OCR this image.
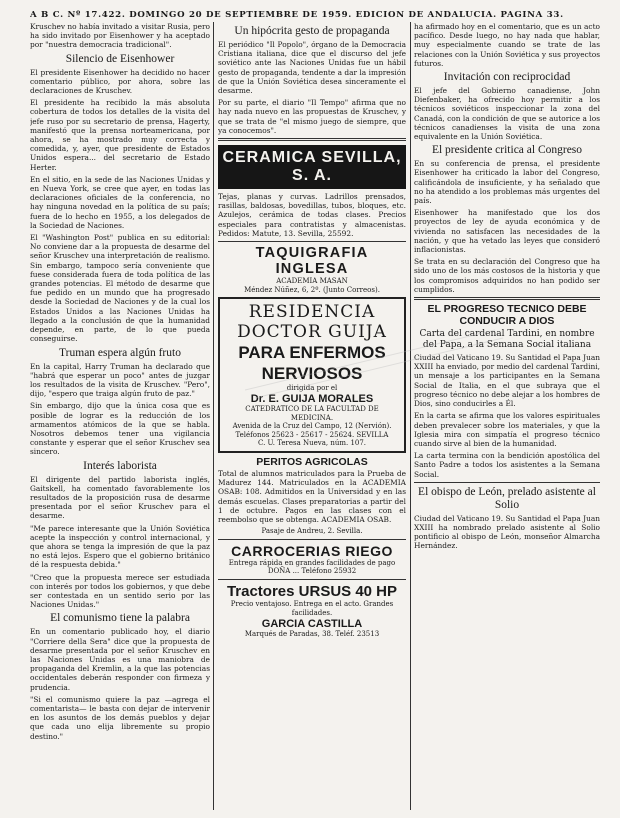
A B C. Nº 17.422. DOMINGO 20 DE SEPTIEMBRE DE 1959. EDICION DE ANDALUCIA. PAGINA 33.

Kruschev no había invitado a visitar Rusia, pero ha sido invitado por Eisenhower y ha aceptado por "nuestra democracia tradicional".

Silencio de Eisenhower

El presidente Eisenhower ha decidido no hacer comentario público, por ahora, sobre las declaraciones de Kruschev.

El presidente ha recibido la más absoluta cobertura de todos los detalles de la visita del jefe ruso por su secretario de prensa, Hagerty, manifestó que la prensa norteamericana, por ahora, se ha mostrado muy correcta y comedida, y, ayer, que presidente de Estados Unidos espera... del secretario de Estado Herter.

En el sitio, en la sede de las Naciones Unidas y en Nueva York, se cree que ayer, en todas las declaraciones oficiales de la conferencia, no hay ninguna novedad en la política de su país; fuera de lo hecho en 1955, a los delegados de la Sociedad de Naciones.

El "Washington Post" publica en su editorial: No conviene dar a la propuesta de desarme del señor Kruschev una interpretación de realismo. Sin embargo, tampoco sería conveniente que fuese considerada fuera de toda política de las grandes potencias. El método de desarme que fue pedido en un mundo que ha progresado desde la Sociedad de Naciones y de la cual los Estados Unidos a las Naciones Unidas ha llegado a la conclusión de que la humanidad depende, en parte, de lo que pueda conseguirse.

Truman espera algún fruto

En la capital, Harry Truman ha declarado que "habrá que esperar un poco" antes de juzgar los resultados de la visita de Kruschev. "Pero", dijo, "espero que traiga algún fruto de paz."

Sin embargo, dijo que la única cosa que es posible de lograr es la reducción de los armamentos atómicos de la que se habla. Nosotros debemos tener una vigilancia constante y esperar que el señor Kruschev sea sincero.

Interés laborista

El dirigente del partido laborista inglés, Gaitskell, ha comentado favorablemente los resultados de la proposición rusa de desarme presentada por el señor Kruschev para el desarme.

"Me parece interesante que la Unión Soviética acepte la inspección y control internacional, y que ahora se tenga la impresión de que la paz no está lejos. Espero que el gobierno británico dé la respuesta debida."

"Creo que la propuesta merece ser estudiada con interés por todos los gobiernos, y que debe ser contestada en un sentido serio por las Naciones Unidas."

El comunismo tiene la palabra

En un comentario publicado hoy, el diario "Corriere della Sera" dice que la propuesta de desarme presentada por el señor Kruschev en las Naciones Unidas es una maniobra de propaganda del Kremlin, a la que las potencias occidentales deberán responder con firmeza y prudencia.

"Si el comunismo quiere la paz —agrega el comentarista— le basta con dejar de intervenir en los asuntos de los demás pueblos y dejar que cada uno elija libremente su propio destino."

Un hipócrita gesto de propaganda

El periódico "Il Popolo", órgano de la Democracia Cristiana italiana, dice que el discurso del jefe soviético ante las Naciones Unidas fue un hábil gesto de propaganda, tendente a dar la impresión de que la Unión Soviética desea sinceramente el desarme.

Por su parte, el diario "Il Tempo" afirma que no hay nada nuevo en las propuestas de Kruschev, y que se trata de "el mismo juego de siempre, que ya conocemos".

CERAMICA SEVILLA, S. A.

Tejas, planas y curvas. Ladrillos prensados, rasillas, baldosas, bovedillas, tubos, bloques, etc. Azulejos, cerámica de todas clases. Precios especiales para contratistas y almacenistas. Pedidos: Matute, 13. Sevilla, 25592.

TAQUIGRAFIA INGLESA

ACADEMIA MASAN

Méndez Núñez, 6, 2º. (Junto Correos).

RESIDENCIA

DOCTOR GUIJA

PARA ENFERMOS

NERVIOSOS

dirigida por el

Dr. E. GUIJA MORALES

CATEDRATICO DE LA FACULTAD DE MEDICINA.

Avenida de la Cruz del Campo, 12 (Nervión).

Teléfonos 25623 - 25617 - 25624. SEVILLA

C. U. Teresa Nueva, núm. 107.

PERITOS AGRICOLAS

Total de alumnos matriculados para la Prueba de Madurez 144. Matriculados en la ACADEMIA OSAB: 108. Admitidos en la Universidad y en las demás escuelas. Clases preparatorias a partir del 1 de octubre. Pagos en las clases con el reembolso que se obtenga. ACADEMIA OSAB.

Pasaje de Andreu, 2. Sevilla.

CARROCERIAS RIEGO

Entrega rápida en grandes facilidades de pago

DOÑA ... Teléfono 25932

Tractores URSUS 40 HP

Precio ventajoso. Entrega en el acto. Grandes facilidades.

GARCIA CASTILLA

Marqués de Paradas, 38. Teléf. 23513

ha afirmado hoy en el comentario, que es un acto pacífico. Desde luego, no hay nada que hablar, muy especialmente cuando se trate de las relaciones con la Unión Soviética y sus proyectos futuros.

Invitación con reciprocidad

El jefe del Gobierno canadiense, John Diefenbaker, ha ofrecido hoy permitir a los técnicos soviéticos inspeccionar la zona del Canadá, con la condición de que se autorice a los técnicos canadienses la visita de una zona equivalente en la Unión Soviética.

El presidente critica al Congreso

En su conferencia de prensa, el presidente Eisenhower ha criticado la labor del Congreso, calificándola de insuficiente, y ha señalado que no ha atendido a los problemas más urgentes del país.

Eisenhower ha manifestado que los dos proyectos de ley de ayuda económica y de vivienda no satisfacen las necesidades de la nación, y que ha vetado las leyes que consideró inflacionistas.

Se trata en su declaración del Congreso que ha sido uno de los más costosos de la historia y que los compromisos adquiridos no han podido ser cumplidos.

EL PROGRESO TECNICO DEBE CONDUCIR A DIOS

Carta del cardenal Tardini, en nombre del Papa, a la Semana Social italiana

Ciudad del Vaticano 19. Su Santidad el Papa Juan XXIII ha enviado, por medio del cardenal Tardini, un mensaje a los participantes en la Semana Social de Italia, en el que subraya que el progreso técnico no debe alejar a los hombres de Dios, sino conducirles a Él.

En la carta se afirma que los valores espirituales deben prevalecer sobre los materiales, y que la Iglesia mira con simpatía el progreso técnico cuando sirve al bien de la humanidad.

La carta termina con la bendición apostólica del Santo Padre a todos los asistentes a la Semana Social.

El obispo de León, prelado asistente al Solio

Ciudad del Vaticano 19. Su Santidad el Papa Juan XXIII ha nombrado prelado asistente al Solio pontificio al obispo de León, monseñor Almarcha Hernández.
